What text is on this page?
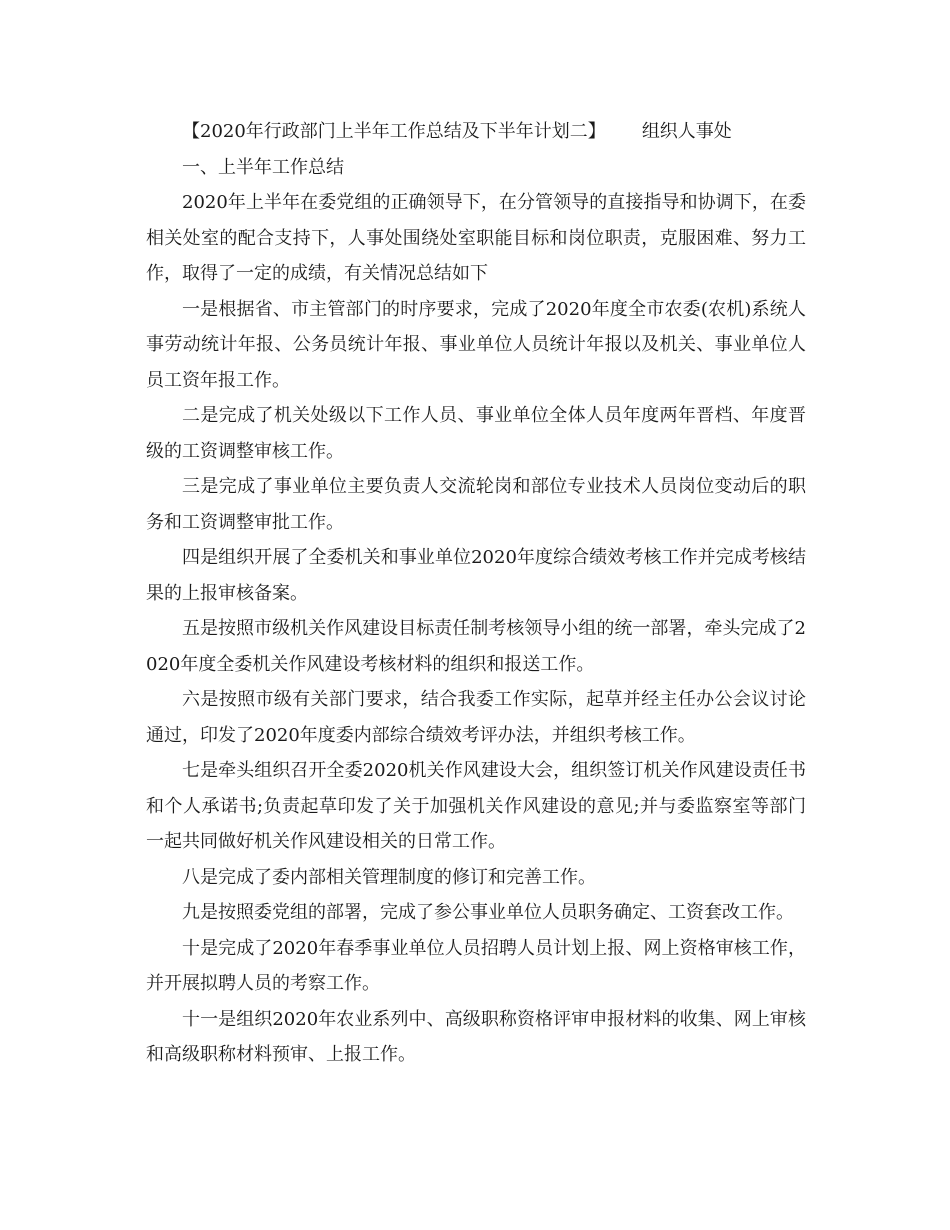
【2020年行政部门上半年工作总结及下半年计划二】 组织人事处

一、上半年工作总结

2020年上半年在委党组的正确领导下，在分管领导的直接指导和协调下，在委相关处室的配合支持下，人事处围绕处室职能目标和岗位职责，克服困难、努力工作，取得了一定的成绩，有关情况总结如下

一是根据省、市主管部门的时序要求，完成了2020年度全市农委(农机)系统人事劳动统计年报、公务员统计年报、事业单位人员统计年报以及机关、事业单位人员工资年报工作。

二是完成了机关处级以下工作人员、事业单位全体人员年度两年晋档、年度晋级的工资调整审核工作。

三是完成了事业单位主要负责人交流轮岗和部位专业技术人员岗位变动后的职务和工资调整审批工作。

四是组织开展了全委机关和事业单位2020年度综合绩效考核工作并完成考核结果的上报审核备案。

五是按照市级机关作风建设目标责任制考核领导小组的统一部署，牵头完成了2020年度全委机关作风建设考核材料的组织和报送工作。

六是按照市级有关部门要求，结合我委工作实际，起草并经主任办公会议讨论通过，印发了2020年度委内部综合绩效考评办法，并组织考核工作。

七是牵头组织召开全委2020机关作风建设大会，组织签订机关作风建设责任书和个人承诺书;负责起草印发了关于加强机关作风建设的意见;并与委监察室等部门一起共同做好机关作风建设相关的日常工作。

八是完成了委内部相关管理制度的修订和完善工作。

九是按照委党组的部署，完成了参公事业单位人员职务确定、工资套改工作。

十是完成了2020年春季事业单位人员招聘人员计划上报、网上资格审核工作，并开展拟聘人员的考察工作。

十一是组织2020年农业系列中、高级职称资格评审申报材料的收集、网上审核和高级职称材料预审、上报工作。
